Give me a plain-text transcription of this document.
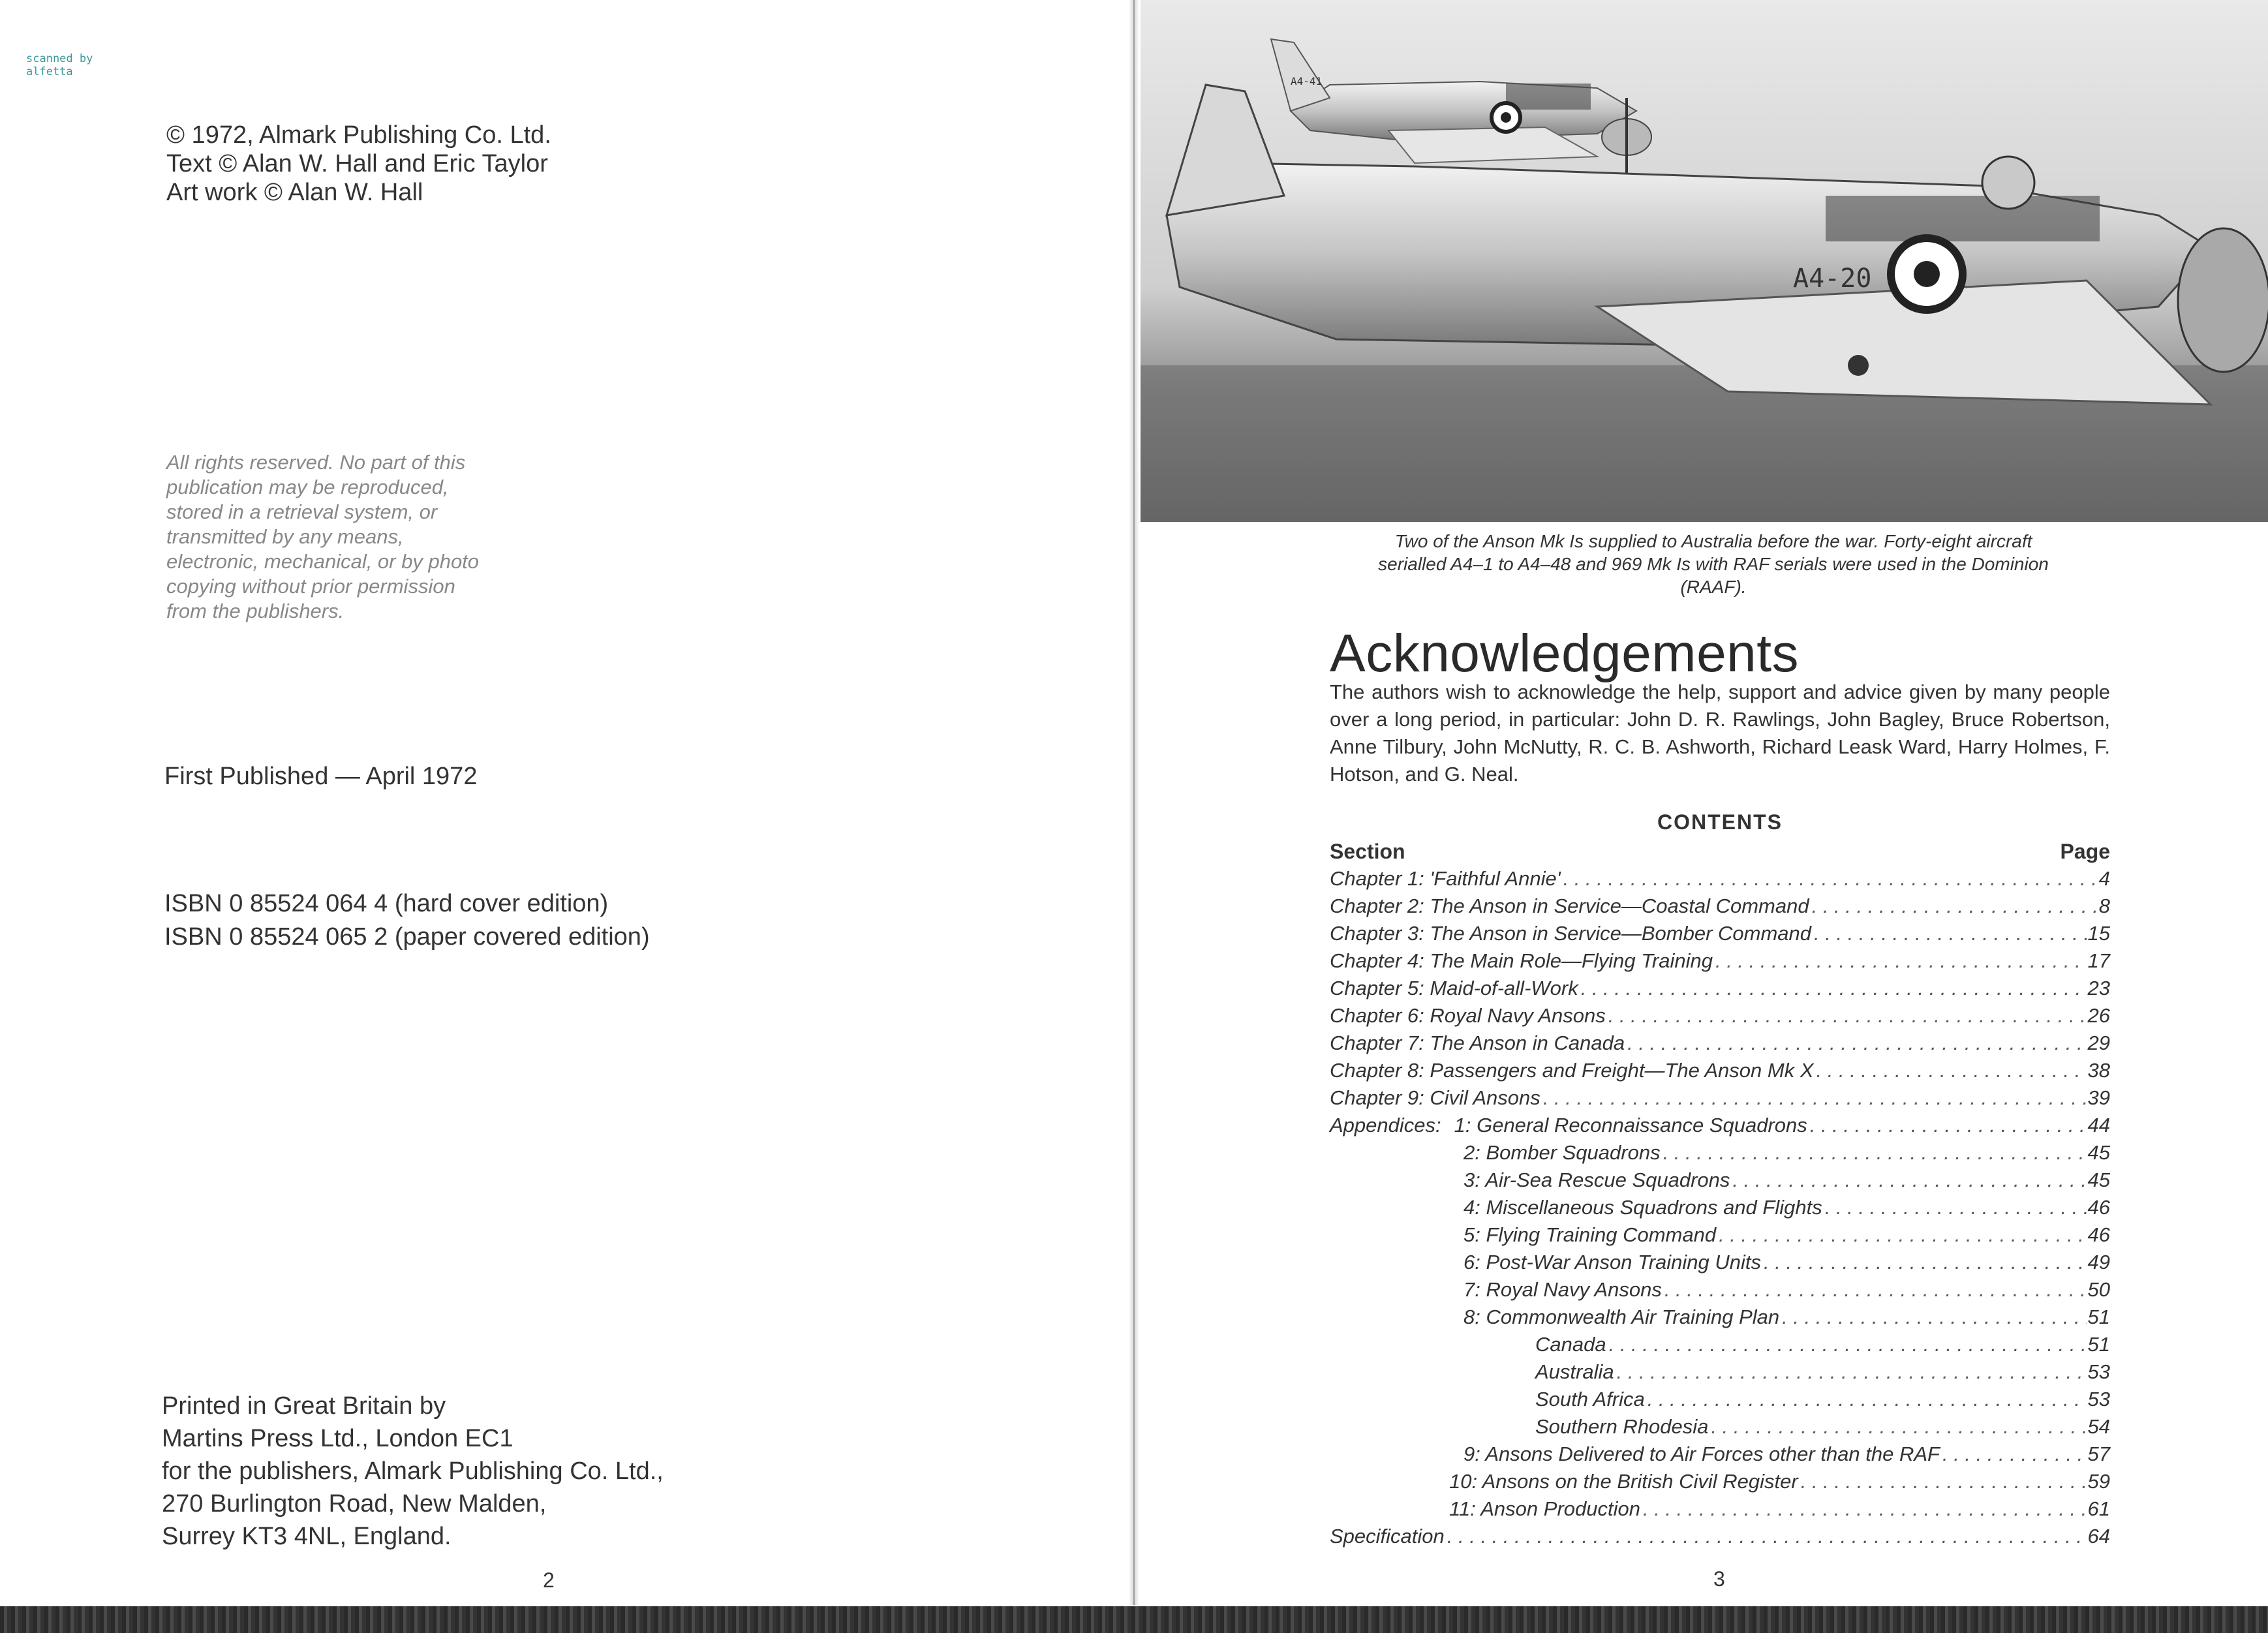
scanned by
alfetta
© 1972, Almark Publishing Co. Ltd.
Text © Alan W. Hall and Eric Taylor
Art work © Alan W. Hall
All rights reserved. No part of this
publication may be reproduced,
stored in a retrieval system, or
transmitted by any means,
electronic, mechanical, or by photo
copying without prior permission
from the publishers.
First Published — April 1972
ISBN 0 85524 064 4 (hard cover edition)
ISBN 0 85524 065 2 (paper covered edition)
Printed in Great Britain by
Martins Press Ltd., London EC1
for the publishers, Almark Publishing Co. Ltd.,
270 Burlington Road, New Malden,
Surrey KT3 4NL, England.
2
A4-41
A4-20
Two of the Anson Mk Is supplied to Australia before the war. Forty-eight aircraft
serialled A4–1 to A4–48 and 969 Mk Is with RAF serials were used in the Dominion
(RAAF).
Acknowledgements
The authors wish to acknowledge the help, support and advice given by many people over a long period, in particular: John D. R. Rawlings, John Bagley, Bruce Robertson, Anne Tilbury, John McNutty, R. C. B. Ashworth, Richard Leask Ward, Harry Holmes, F. Hotson, and G. Neal.
CONTENTS
Section	Page
Chapter 1: 'Faithful Annie' . . .	4
Chapter 2: The Anson in Service—Coastal Command . . .	8
Chapter 3: The Anson in Service—Bomber Command . . .	15
Chapter 4: The Main Role—Flying Training . . .	17
Chapter 5: Maid-of-all-Work . . .	23
Chapter 6: Royal Navy Ansons . . .	26
Chapter 7: The Anson in Canada . . .	29
Chapter 8: Passengers and Freight—The Anson Mk X . . .	38
Chapter 9: Civil Ansons . . .	39
Appendices: 1: General Reconnaissance Squadrons . . .	44
2: Bomber Squadrons . . .	45
3: Air-Sea Rescue Squadrons . . .	45
4: Miscellaneous Squadrons and Flights . . .	46
5: Flying Training Command . . .	46
6: Post-War Anson Training Units . . .	49
7: Royal Navy Ansons . . .	50
8: Commonwealth Air Training Plan . . .	51
Canada . . .	51
Australia . . .	53
South Africa . . .	53
Southern Rhodesia . . .	54
9: Ansons Delivered to Air Forces other than the RAF . . .	57
10: Ansons on the British Civil Register . . .	59
11: Anson Production . . .	61
Specification . . .	64
3
